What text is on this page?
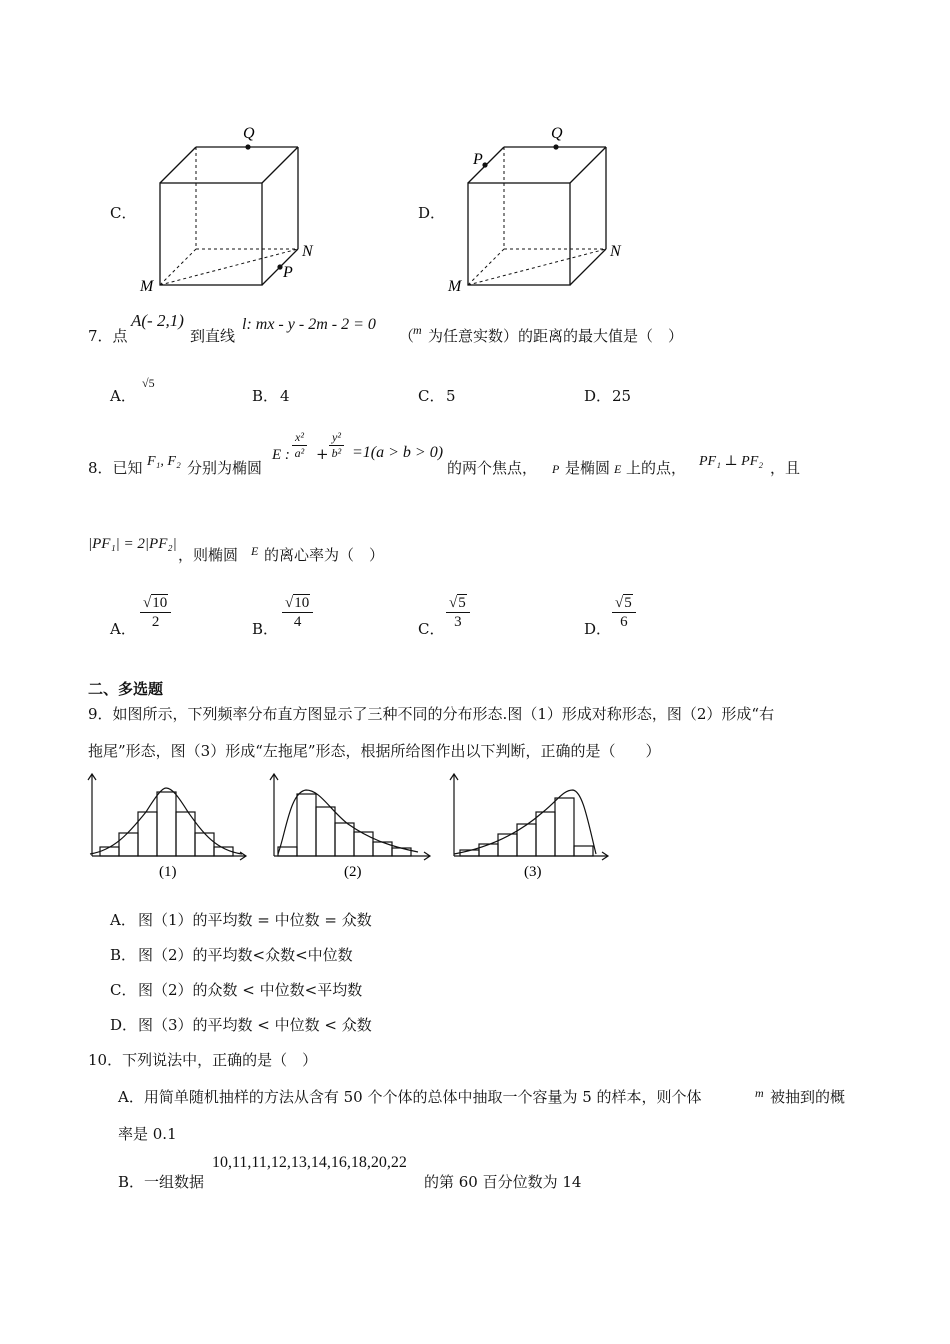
C．
Q
N
M
P
D．
Q
N
M
P
7．点
A(- 2,1)
到直线
l: mx - y - 2m - 2 = 0
（
m 为任意实数）的距离的最大值是（　）
A．
√5
B． 4	C． 5	D． 25
8．已知 F₁, F₂ 分别为椭圆
E : $\frac{\text{x²}}{\text{a²}} + \frac{\text{y²}}{\text{b²}} =1(a > b > 0)$
的两个焦点， P 是椭圆 E 上的点， PF₁ ⊥ PF₂ ，且
|PF₁| = 2|PF₂|
，则椭圆 E 的离心率为（　）
A． $\frac{√10}{2}$	B． $\frac{√10}{4}$	C． $\frac{√5}{3}$	D． $\frac{√5}{6}$
二、多选题
9．如图所示，下列频率分布直方图显示了三种不同的分布形态.图（1）形成对称形态，图（2）形成“右
拖尾”形态，图（3）形成“左拖尾”形态，根据所给图作出以下判断，正确的是（　　）
(1)	(2)	(3)
A． 图（1）的平均数 = 中位数 = 众数
B． 图（2）的平均数<众数<中位数
C． 图（2）的众数 < 中位数<平均数
D． 图（3）的平均数 < 中位数 < 众数
10．下列说法中，正确的是（　）
A．用简单随机抽样的方法从含有 50 个个体的总体中抽取一个容量为 5 的样本，则个体	m 被抽到的概
率是 0.1
B．一组数据
10,11,11,12,13,14,16,18,20,22
的第 60 百分位数为 14
